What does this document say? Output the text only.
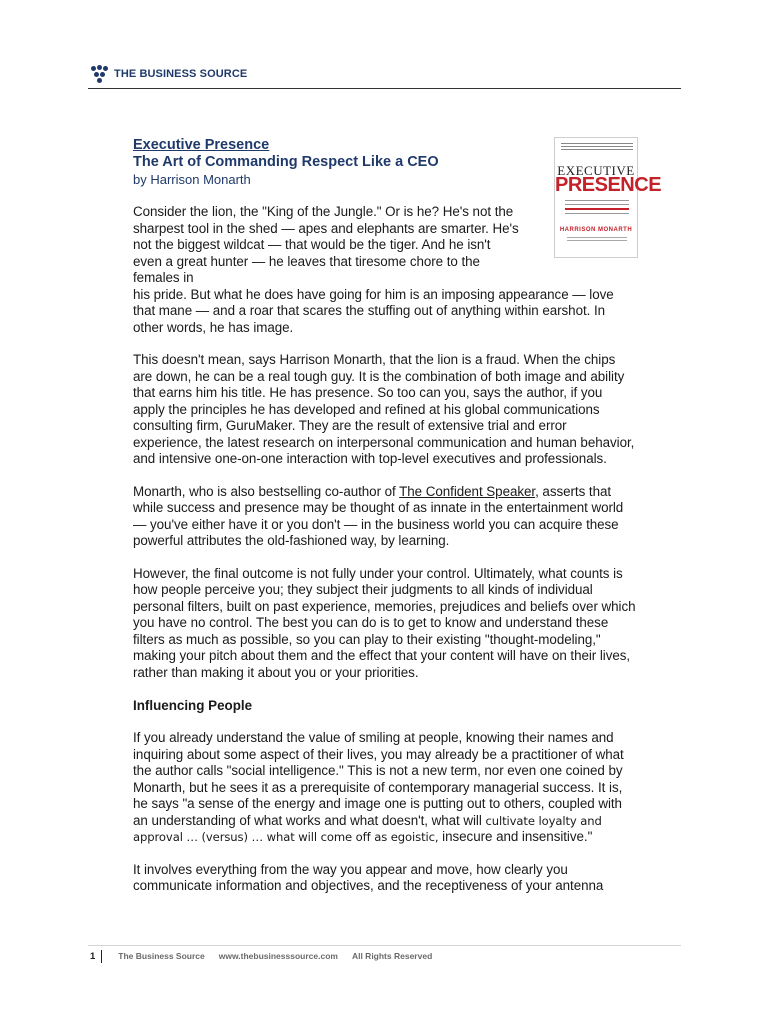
THE BUSINESS SOURCE
EXECUTIVE
PRESENCE
HARRISON MONARTH
Executive Presence
The Art of Commanding Respect Like a CEO
by Harrison Monarth

Consider the lion, the "King of the Jungle." Or is he? He's not the sharpest tool in the shed — apes and elephants are smarter. He's not the biggest wildcat — that would be the tiger. And he isn't even a great hunter — he leaves that tiresome chore to the females in

his pride. But what he does have going for him is an imposing appearance — love that mane — and a roar that scares the stuffing out of anything within earshot. In other words, he has image.

This doesn't mean, says Harrison Monarth, that the lion is a fraud. When the chips are down, he can be a real tough guy. It is the combination of both image and ability that earns him his title. He has presence. So too can you, says the author, if you apply the principles he has developed and refined at his global communications consulting firm, GuruMaker. They are the result of extensive trial and error experience, the latest research on interpersonal communication and human behavior, and intensive one-on-one interaction with top-level executives and professionals.

Monarth, who is also bestselling co-author of The Confident Speaker, asserts that while success and presence may be thought of as innate in the entertainment world — you've either have it or you don't — in the business world you can acquire these powerful attributes the old-fashioned way, by learning.

However, the final outcome is not fully under your control. Ultimately, what counts is how people perceive you; they subject their judgments to all kinds of individual personal filters, built on past experience, memories, prejudices and beliefs over which you have no control. The best you can do is to get to know and understand these filters as much as possible, so you can play to their existing "thought-modeling," making your pitch about them and the effect that your content will have on their lives, rather than making it about you or your priorities.

Influencing People

If you already understand the value of smiling at people, knowing their names and inquiring about some aspect of their lives, you may already be a practitioner of what the author calls "social intelligence." This is not a new term, nor even one coined by Monarth, but he sees it as a prerequisite of contemporary managerial success. It is, he says "a sense of the energy and image one is putting out to others, coupled with an understanding of what works and what doesn't, what will cultivate loyalty and approval … (versus) … what will come off as egoistic, insecure and insensitive."

It involves everything from the way you appear and move, how clearly you communicate information and objectives, and the receptiveness of your antenna

1	The Business Source www.thebusinesssource.com All Rights Reserved
